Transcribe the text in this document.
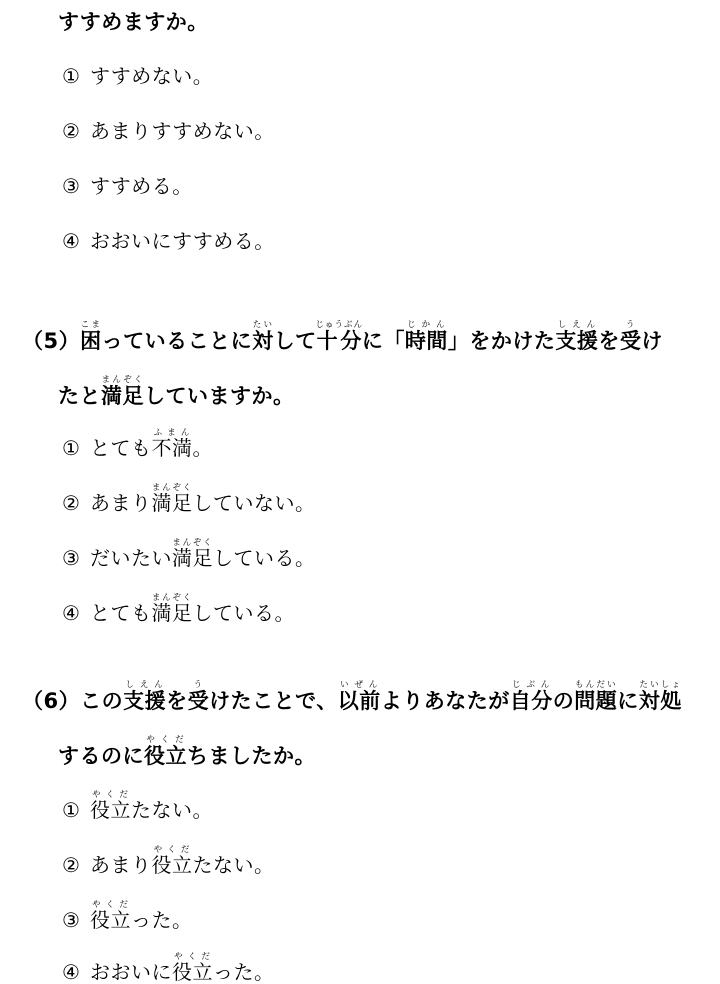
すすめますか。
① すすめない。
② あまりすすめない。
③ すすめる。
④ おおいにすすめる。
（5）困こまっていることに対たいして十分じゅうぶんに「時間じかん」をかけた支援しえんを受うけ
たと満足まんぞくしていますか。
① とても不満ふまん。
② あまり満足まんぞくしていない。
③ だいたい満足まんぞくしている。
④ とても満足まんぞくしている。
（6）この支援しえんを受うけたことで、以前いぜんよりあなたが自分じぶんの問題もんだいに対処たいしょ
するのに役立やくだちましたか。
① 役立やくだたない。
② あまり役立やくだたない。
③ 役立やくだった。
④ おおいに役立やくだった。
